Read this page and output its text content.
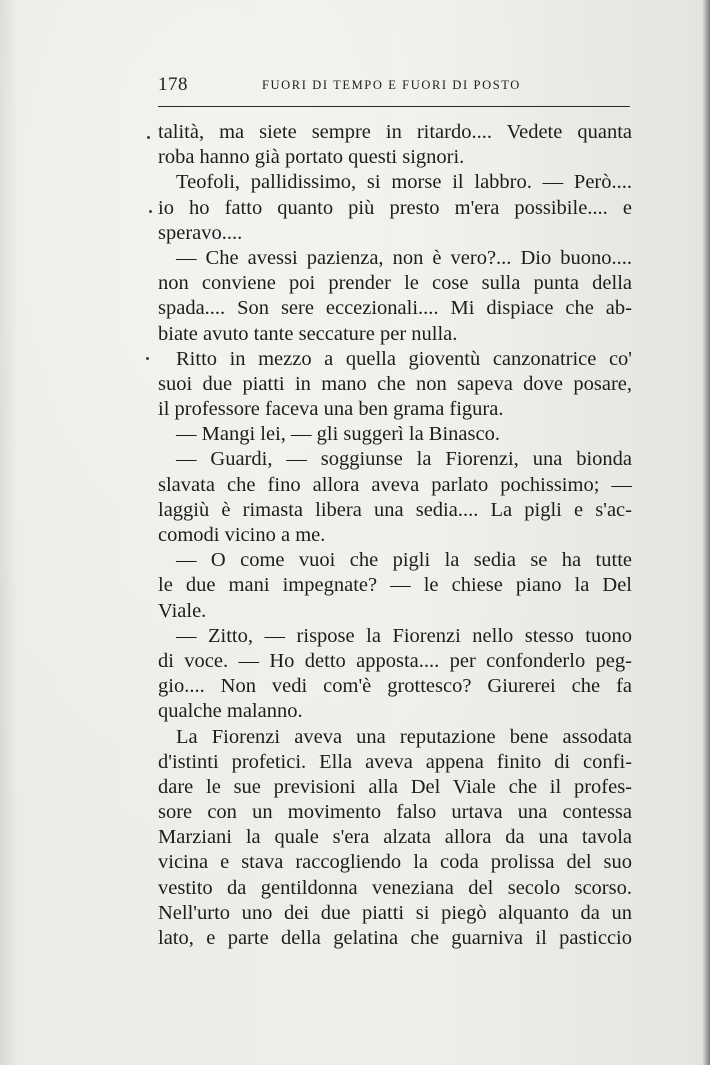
178	FUORI DI TEMPO E FUORI DI POSTO
talità, ma siete sempre in ritardo.... Vedete quanta
roba hanno già portato questi signori.
Teofoli, pallidissimo, si morse il labbro. — Però....
io ho fatto quanto più presto m'era possibile.... e
speravo....
— Che avessi pazienza, non è vero?... Dio buono....
non conviene poi prender le cose sulla punta della
spada.... Son sere eccezionali.... Mi dispiace che ab-
biate avuto tante seccature per nulla.
Ritto in mezzo a quella gioventù canzonatrice co'
suoi due piatti in mano che non sapeva dove posare,
il professore faceva una ben grama figura.
— Mangi lei, — gli suggerì la Binasco.
— Guardi, — soggiunse la Fiorenzi, una bionda
slavata che fino allora aveva parlato pochissimo; —
laggiù è rimasta libera una sedia.... La pigli e s'ac-
comodi vicino a me.
— O come vuoi che pigli la sedia se ha tutte
le due mani impegnate? — le chiese piano la Del
Viale.
— Zitto, — rispose la Fiorenzi nello stesso tuono
di voce. — Ho detto apposta.... per confonderlo peg-
gio.... Non vedi com'è grottesco? Giurerei che fa
qualche malanno.
La Fiorenzi aveva una reputazione bene assodata
d'istinti profetici. Ella aveva appena finito di confi-
dare le sue previsioni alla Del Viale che il profes-
sore con un movimento falso urtava una contessa
Marziani la quale s'era alzata allora da una tavola
vicina e stava raccogliendo la coda prolissa del suo
vestito da gentildonna veneziana del secolo scorso.
Nell'urto uno dei due piatti si piegò alquanto da un
lato, e parte della gelatina che guarniva il pasticcio
